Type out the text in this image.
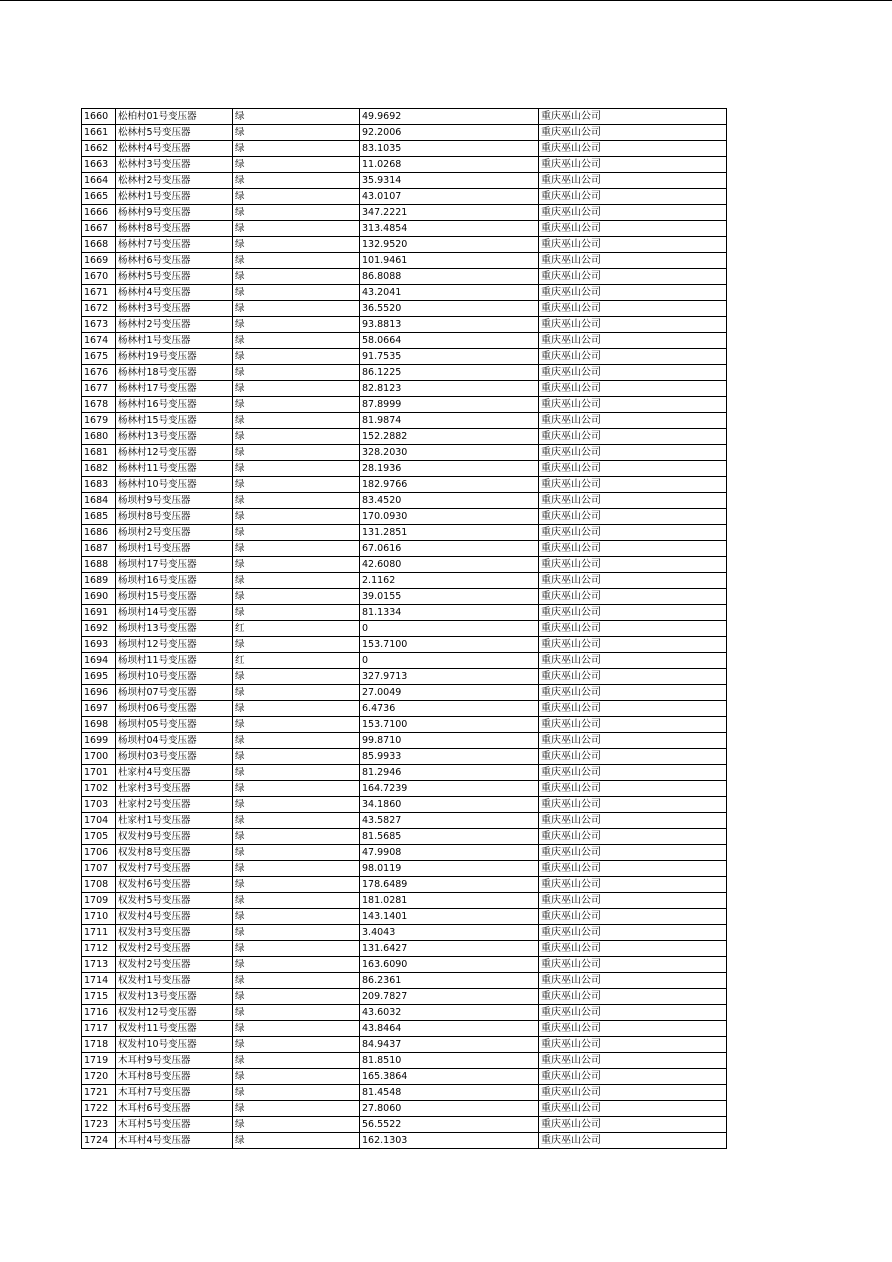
1660	松柏村01号变压器	绿	49.9692	重庆巫山公司
1661	松林村5号变压器	绿	92.2006	重庆巫山公司
1662	松林村4号变压器	绿	83.1035	重庆巫山公司
1663	松林村3号变压器	绿	11.0268	重庆巫山公司
1664	松林村2号变压器	绿	35.9314	重庆巫山公司
1665	松林村1号变压器	绿	43.0107	重庆巫山公司
1666	杨林村9号变压器	绿	347.2221	重庆巫山公司
1667	杨林村8号变压器	绿	313.4854	重庆巫山公司
1668	杨林村7号变压器	绿	132.9520	重庆巫山公司
1669	杨林村6号变压器	绿	101.9461	重庆巫山公司
1670	杨林村5号变压器	绿	86.8088	重庆巫山公司
1671	杨林村4号变压器	绿	43.2041	重庆巫山公司
1672	杨林村3号变压器	绿	36.5520	重庆巫山公司
1673	杨林村2号变压器	绿	93.8813	重庆巫山公司
1674	杨林村1号变压器	绿	58.0664	重庆巫山公司
1675	杨林村19号变压器	绿	91.7535	重庆巫山公司
1676	杨林村18号变压器	绿	86.1225	重庆巫山公司
1677	杨林村17号变压器	绿	82.8123	重庆巫山公司
1678	杨林村16号变压器	绿	87.8999	重庆巫山公司
1679	杨林村15号变压器	绿	81.9874	重庆巫山公司
1680	杨林村13号变压器	绿	152.2882	重庆巫山公司
1681	杨林村12号变压器	绿	328.2030	重庆巫山公司
1682	杨林村11号变压器	绿	28.1936	重庆巫山公司
1683	杨林村10号变压器	绿	182.9766	重庆巫山公司
1684	杨坝村9号变压器	绿	83.4520	重庆巫山公司
1685	杨坝村8号变压器	绿	170.0930	重庆巫山公司
1686	杨坝村2号变压器	绿	131.2851	重庆巫山公司
1687	杨坝村1号变压器	绿	67.0616	重庆巫山公司
1688	杨坝村17号变压器	绿	42.6080	重庆巫山公司
1689	杨坝村16号变压器	绿	2.1162	重庆巫山公司
1690	杨坝村15号变压器	绿	39.0155	重庆巫山公司
1691	杨坝村14号变压器	绿	81.1334	重庆巫山公司
1692	杨坝村13号变压器	红	0	重庆巫山公司
1693	杨坝村12号变压器	绿	153.7100	重庆巫山公司
1694	杨坝村11号变压器	红	0	重庆巫山公司
1695	杨坝村10号变压器	绿	327.9713	重庆巫山公司
1696	杨坝村07号变压器	绿	27.0049	重庆巫山公司
1697	杨坝村06号变压器	绿	6.4736	重庆巫山公司
1698	杨坝村05号变压器	绿	153.7100	重庆巫山公司
1699	杨坝村04号变压器	绿	99.8710	重庆巫山公司
1700	杨坝村03号变压器	绿	85.9933	重庆巫山公司
1701	杜家村4号变压器	绿	81.2946	重庆巫山公司
1702	杜家村3号变压器	绿	164.7239	重庆巫山公司
1703	杜家村2号变压器	绿	34.1860	重庆巫山公司
1704	杜家村1号变压器	绿	43.5827	重庆巫山公司
1705	权发村9号变压器	绿	81.5685	重庆巫山公司
1706	权发村8号变压器	绿	47.9908	重庆巫山公司
1707	权发村7号变压器	绿	98.0119	重庆巫山公司
1708	权发村6号变压器	绿	178.6489	重庆巫山公司
1709	权发村5号变压器	绿	181.0281	重庆巫山公司
1710	权发村4号变压器	绿	143.1401	重庆巫山公司
1711	权发村3号变压器	绿	3.4043	重庆巫山公司
1712	权发村2号变压器	绿	131.6427	重庆巫山公司
1713	权发村2号变压器	绿	163.6090	重庆巫山公司
1714	权发村1号变压器	绿	86.2361	重庆巫山公司
1715	权发村13号变压器	绿	209.7827	重庆巫山公司
1716	权发村12号变压器	绿	43.6032	重庆巫山公司
1717	权发村11号变压器	绿	43.8464	重庆巫山公司
1718	权发村10号变压器	绿	84.9437	重庆巫山公司
1719	木耳村9号变压器	绿	81.8510	重庆巫山公司
1720	木耳村8号变压器	绿	165.3864	重庆巫山公司
1721	木耳村7号变压器	绿	81.4548	重庆巫山公司
1722	木耳村6号变压器	绿	27.8060	重庆巫山公司
1723	木耳村5号变压器	绿	56.5522	重庆巫山公司
1724	木耳村4号变压器	绿	162.1303	重庆巫山公司
